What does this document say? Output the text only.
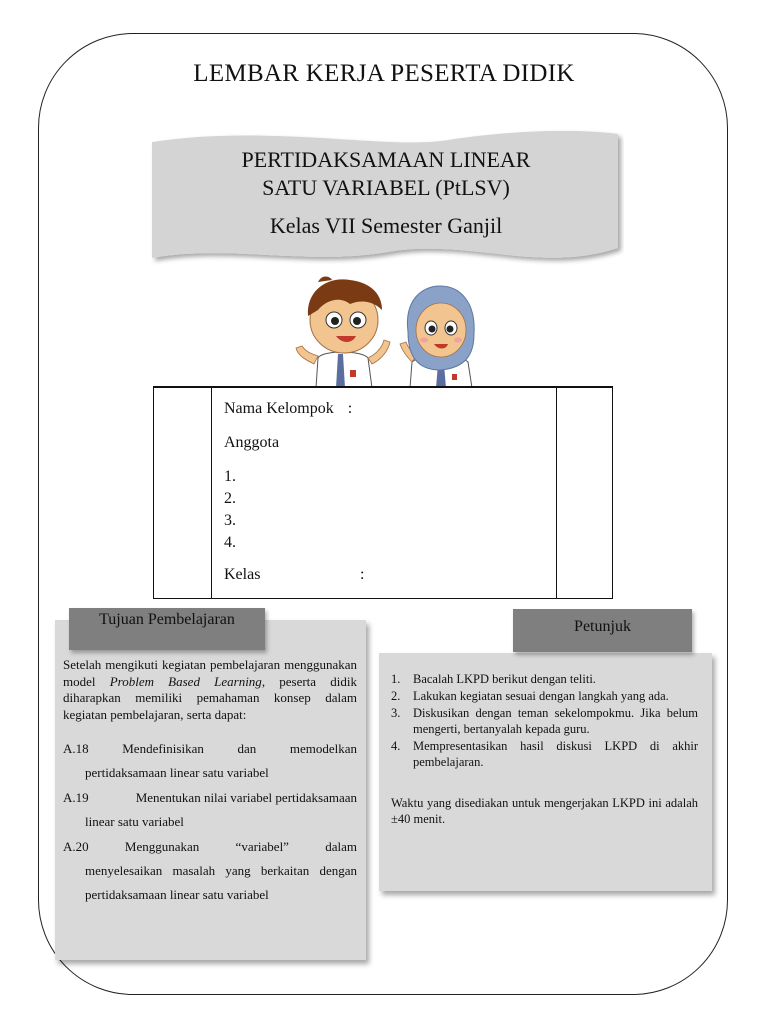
LEMBAR KERJA PESERTA DIDIK
PERTIDAKSAMAAN LINEAR
SATU VARIABEL (PtLSV)
Kelas VII Semester Ganjil
Nama Kelompok :
Anggota
1.
2.
3.
4.
Kelas	:
Tujuan Pembelajaran
Setelah mengikuti kegiatan pembelajaran menggunakan model Problem Based Learning, peserta didik diharapkan memiliki pemahaman konsep dalam kegiatan pembelajaran, serta dapat:
A.18	Mendefinisikan	dan	memodelkan
pertidaksamaan linear satu variabel
A.19	Menentukan nilai variabel pertidaksamaan
linear satu variabel
A.20	Menggunakan	“variabel”	dalam
menyelesaikan masalah yang berkaitan dengan pertidaksamaan linear satu variabel
Petunjuk
1.	Bacalah LKPD berikut dengan teliti.
2.	Lakukan kegiatan sesuai dengan langkah yang ada.
3.	Diskusikan dengan teman sekelompokmu. Jika belum mengerti, bertanyalah kepada guru.
4.	Mempresentasikan hasil diskusi LKPD di akhir pembelajaran.
Waktu yang disediakan untuk mengerjakan LKPD ini adalah ±40 menit.
